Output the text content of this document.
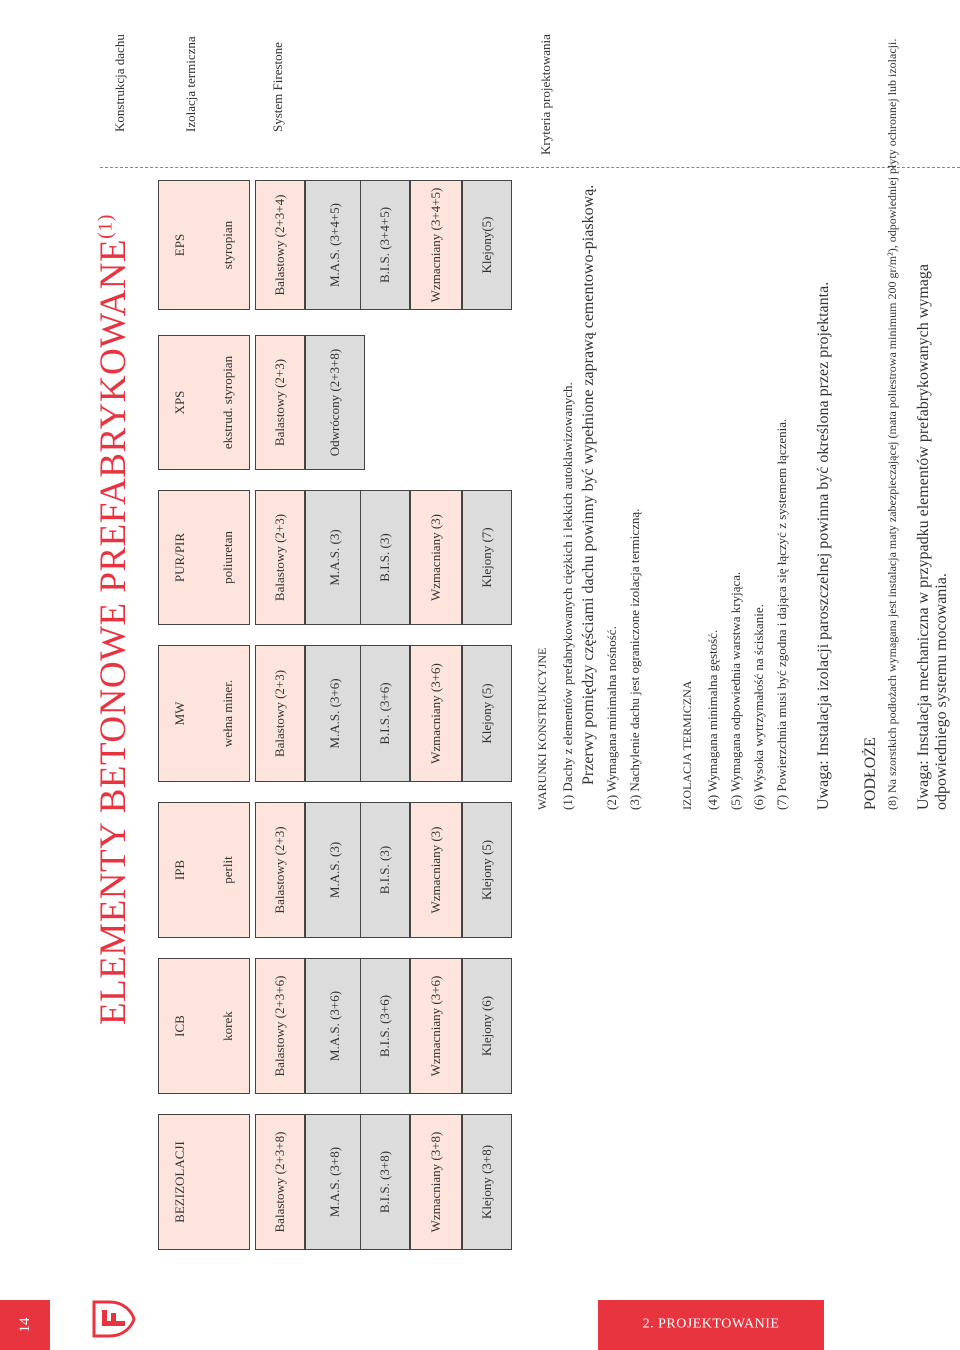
14	2. PROJEKTOWANIE
Konstrukcja dachu	Izolacja termiczna	System Firestone	Kryteria projektowania
ELEMENTY BETONOWE PREFABRYKOWANE$^{(1)}$
WARUNKI KONSTRUKCYJNE (1) Dachy z elementów prefabrykowanych ciężkich i lekkich autoklawizowanych. Przerwy pomiędzy częściami dachu powinny być wypełnione zaprawą cementowo-piaskową. (2) Wymagana minimalna nośność. (3) Nachylenie dachu jest ograniczone izolacja termiczną.	IZOLACJA TERMICZNA (4) Wymagana minimalna gęstość. (5) Wymagana odpowiednia warstwa kryjąca. (6) Wysoka wytrzymałość na ściskanie. (7) Powierzchnia musi być zgodna i dająca się łączyć z systemem łączenia. Uwaga: Instalacja izolacji paroszczelnej powinna być określona przez projektanta. PODŁOŻE (8) Na szorstkich podłożach wymagana jest instalacja maty zabezpieczającej (mata poliestrowa minimum 200 gr/m²), odpowiedniej płyty ochronnej lub izolacji. Uwaga: Instalacja mechaniczna w przypadku elementów prefabrykowanych wymaga odpowiedniego systemu mocowania.
EPS	styropian
XPS	ekstrud. styropian
PUR/PIR	poliuretan
MW	wełna miner.
IPB	perlit
ICB	korek
BEZIZOLACJI
Balastowy (2+3+4)	M.A.S. (3+4+5)	B.I.S. (3+4+5)	Wzmacniany (3+4+5)	Klejony(5)
Balastowy (2+3)	Odwrócony (2+3+8)
Balastowy (2+3)	M.A.S. (3)	B.I.S. (3)	Wzmacniany (3)	Klejony (7)
Balastowy (2+3)	M.A.S. (3+6)	B.I.S. (3+6)	Wzmacniany (3+6)	Klejony (5)
Balastowy (2+3)	M.A.S. (3)	B.I.S. (3)	Wzmacniany (3)	Klejony (5)
Balastowy (2+3+6)	M.A.S. (3+6)	B.I.S. (3+6)	Wzmacniany (3+6)	Klejony (6)
Balastowy (2+3+8)	M.A.S. (3+8)	B.I.S. (3+8)	Wzmacniany (3+8)	Klejony (3+8)
